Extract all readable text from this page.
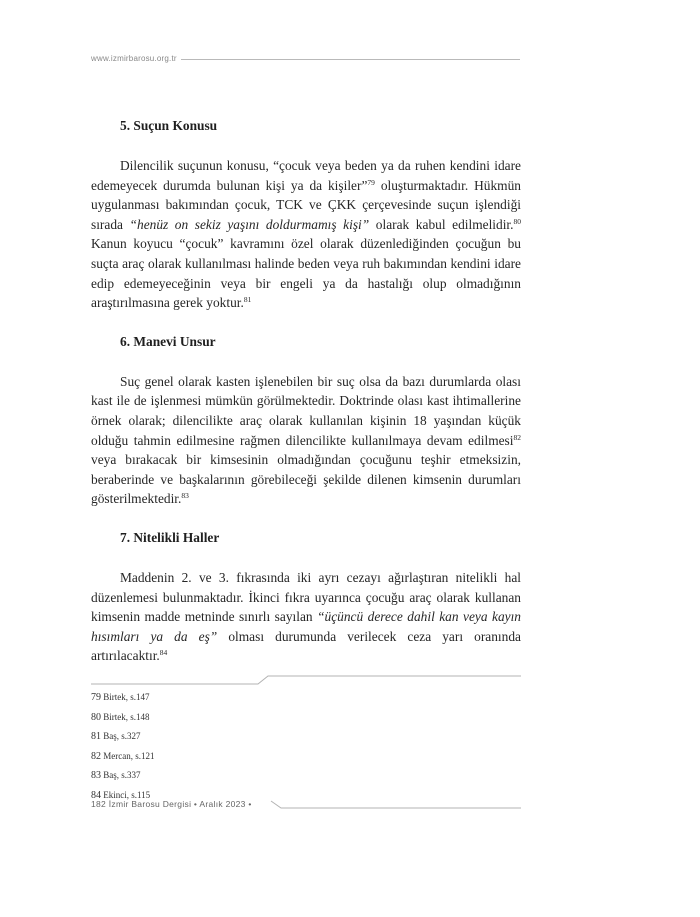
www.izmirbarosu.org.tr
5. Suçun Konusu

Dilencilik suçunun konusu, “çocuk veya beden ya da ruhen kendini idare edemeyecek durumda bulunan kişi ya da kişiler”$^{79}$ oluşturmaktadır. Hükmün uygulanması bakımından çocuk, TCK ve ÇKK çerçevesinde suçun işlendiği sırada “henüz on sekiz yaşını doldurmamış kişi” olarak kabul edilmelidir.$^{80}$ Kanun koyucu “çocuk” kavramını özel olarak düzenlediğinden çocuğun bu suçta araç olarak kullanılması halinde beden veya ruh bakımından kendini idare edip edemeyeceğinin veya bir engeli ya da hastalığı olup olmadığının araştırılmasına gerek yoktur.$^{81}$

6. Manevi Unsur

Suç genel olarak kasten işlenebilen bir suç olsa da bazı durumlarda olası kast ile de işlenmesi mümkün görülmektedir. Doktrinde olası kast ihtimallerine örnek olarak; dilencilikte araç olarak kullanılan kişinin 18 yaşından küçük olduğu tahmin edilmesine rağmen dilencilikte kullanılmaya devam edilmesi$^{82}$ veya bırakacak bir kimsesinin olmadığından çocuğunu teşhir etmeksizin, beraberinde ve başkalarının görebileceği şekilde dilenen kimsenin durumları gösterilmektedir.$^{83}$

7. Nitelikli Haller

Maddenin 2. ve 3. fıkrasında iki ayrı cezayı ağırlaştıran nitelikli hal düzenlemesi bulunmaktadır. İkinci fıkra uyarınca çocuğu araç olarak kullanan kimsenin madde metninde sınırlı sayılan “üçüncü derece dahil kan veya kayın hısımları ya da eş” olması durumunda verilecek ceza yarı oranında artırılacaktır.$^{84}$

79 Birtek, s.147
80 Birtek, s.148
81 Baş, s.327
82 Mercan, s.121
83 Baş, s.337
84 Ekinci, s.115
182 İzmir Barosu Dergisi • Aralık 2023 •
